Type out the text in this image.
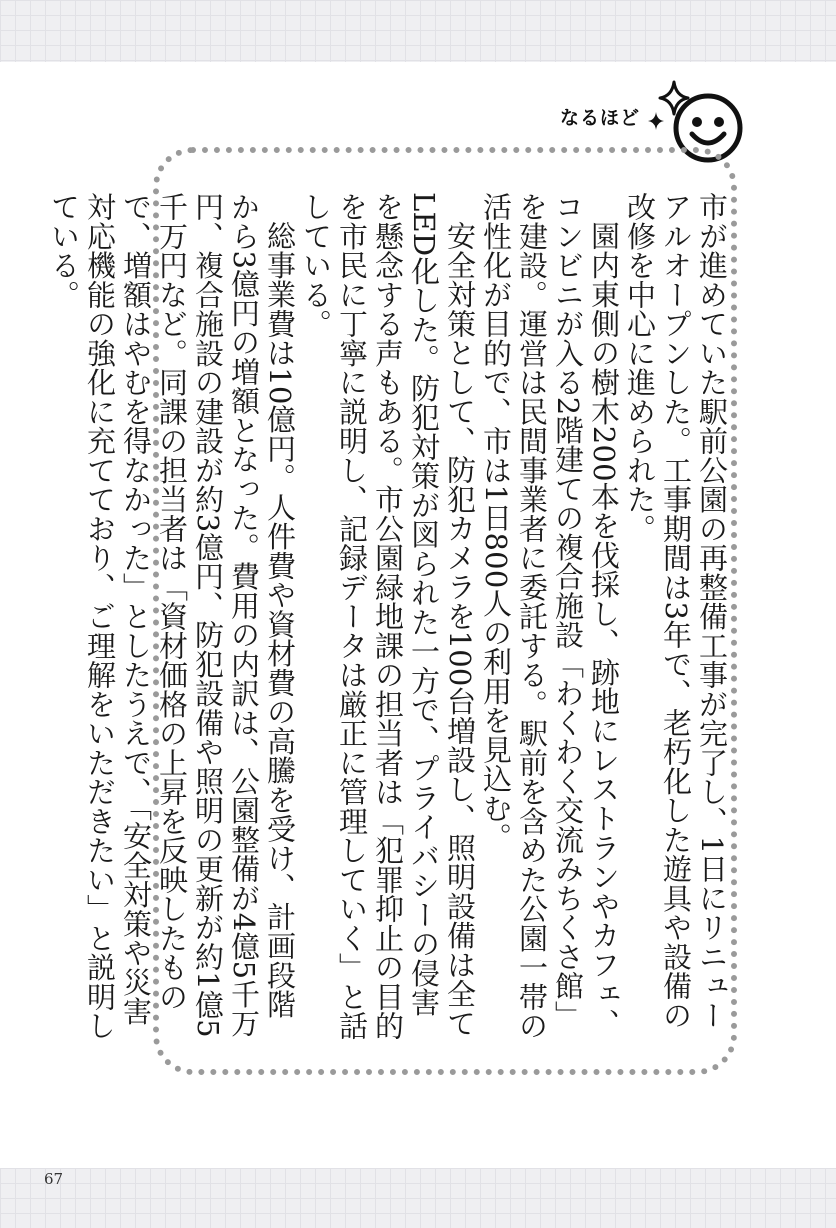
なるほど

市が進めていた駅前公園の再整備工事が完了し、1日にリニューアルオープンした。工事期間は3年で、老朽化した遊具や設備の改修を中心に進められた。

園内東側の樹木200本を伐採し、跡地にレストランやカフェ、コンビニが入る2階建ての複合施設「わくわく交流みちくさ館」を建設。運営は民間事業者に委託する。駅前を含めた公園一帯の活性化が目的で、市は1日800人の利用を見込む。

安全対策として、防犯カメラを100台増設し、照明設備は全てLED化した。防犯対策が図られた一方で、プライバシーの侵害を懸念する声もある。市公園緑地課の担当者は「犯罪抑止の目的を市民に丁寧に説明し、記録データは厳正に管理していく」と話している。

総事業費は10億円。人件費や資材費の高騰を受け、計画段階から3億円の増額となった。費用の内訳は、公園整備が4億5千万円、複合施設の建設が約3億円、防犯設備や照明の更新が約1億5千万円など。同課の担当者は「資材価格の上昇を反映したもので、増額はやむを得なかった」としたうえで、「安全対策や災害対応機能の強化に充てており、ご理解をいただきたい」と説明している。

67
